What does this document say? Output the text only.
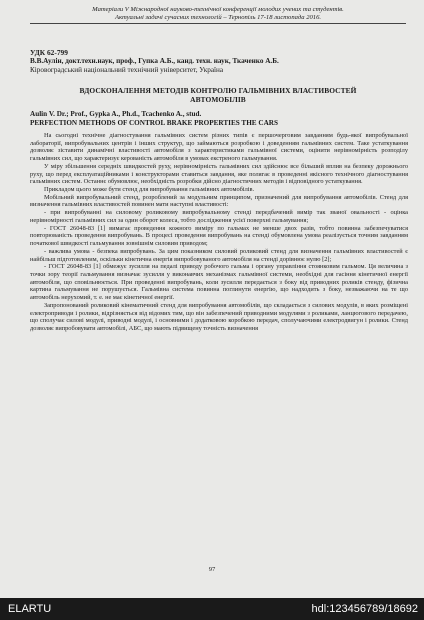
Матеріали V Міжнародної науково-технічної конференції молодих учених та студентів.
Актуальні задачі сучасних технологій – Тернопіль 17-18 листопада 2016.
УДК 62-799
В.В.Аулін, докт.техн.наук, проф., Гупка А.Б., канд. техн. наук, Ткаченко А.Б.
Кіровоградський національний технічний університет, Україна
ВДОСКОНАЛЕННЯ МЕТОДІВ КОНТРОЛЮ ГАЛЬМІВНИХ ВЛАСТИВОСТЕЙ
АВТОМОБІЛІВ
Aulin V. Dr.; Prof., Gypka A., Ph.d., Tcachenko A., stud.
PERFECTION METHODS OF CONTROL BRAKE PROPERTIES THE CARS

На сьогодні технічне діагностування гальмівних систем різних типів є першочерговим завданням будь-якої випробувальної лабораторії, випробувальних центрів і інших структур, що займаються розробкою і доведенням гальмівних систем. Таке устаткування дозволяє зіставити динамічні властивості автомобіля з характеристиками гальмівної системи, оцінити нерівномірність розподілу гальмівних сил, що характеризує керованість автомобіля в умовах екстреного гальмування.

У міру збільшення середніх швидкостей руху, нерівномірність гальмівних сил здійснює все більший вплив на безпеку дорожнього руху, що перед експлуатаційниками і конструкторами ставиться завдання, яке полягає в проведенні якісного технічного діагностування гальмівних систем. Останнє обумовлює, необхідність розробки дійсно діагностичних методів і відповідного устаткування.

Прикладом цього може бути стенд для випробування гальмівних автомобілів.

Мобільний випробувальний стенд, розроблений за модульним принципом, призначений для випробування автомобілів. Стенд для визначення гальмівних властивостей повинен мати наступні властивості:

- при випробуванні на силовому роликовому випробувальному стенді передбачений вимір так званої овальності - оцінка нерівномірності гальмівних сил за один оборот колеса, тобто дослідження усієї поверхні гальмування;

- ГОСТ 26048-83 [1] вимагає проведення кожного виміру по гальмах не менше двох разів, тобто повинна забезпечуватися повторюваність проведення випробувань. В процесі проведення випробувань на стенді обумовлена умова реалізується точним завданням початкової швидкості гальмування зовнішнім силовим приводом;

- важлива умова - безпека випробувань. За цим показником силовий роликовий стенд для визначення гальмівних властивостей є найбільш підготовленим, оскільки кінетична енергія випробовуваного автомобіля на стенді дорівнює нулю [2];

- ГОСТ 26048-83 [1] обмежує зусилля на педалі приводу робочого гальма і органу управління стоянковим гальмом. Ця величина з точки зору теорії гальмування визначає зусилля у виконавчих механізмах гальмівної системи, необхідні для гасіння кінетичної енергії автомобіля, що сповільнюється. При проведенні випробувань, коли зусилля передається з боку від приводних роликів стенду, фізична картина гальмування не порушується. Гальмівна система повинна поглинути енергію, що надходить з боку, незважаючи на те що автомобіль нерухомий, т. е. не має кінетичної енергії.

Запропонований роликовий кінематичний стенд для випробування автомобілів, що складається з силових модулів, в яких розміщені електроприводи і ролики, відрізняється від відомих тим, що він забезпечений приводними модулями з роликами, ланцюгового передачею, що сполучає силові модулі, приводні модулі, і основними і додатковою коробкою передач, сполучаючими електродвигун і ролики. Стенд дозволяє випробовувати автомобілі, АБС, що мають підвищену точність визначення

97
ELARTU	hdl:123456789/18692
